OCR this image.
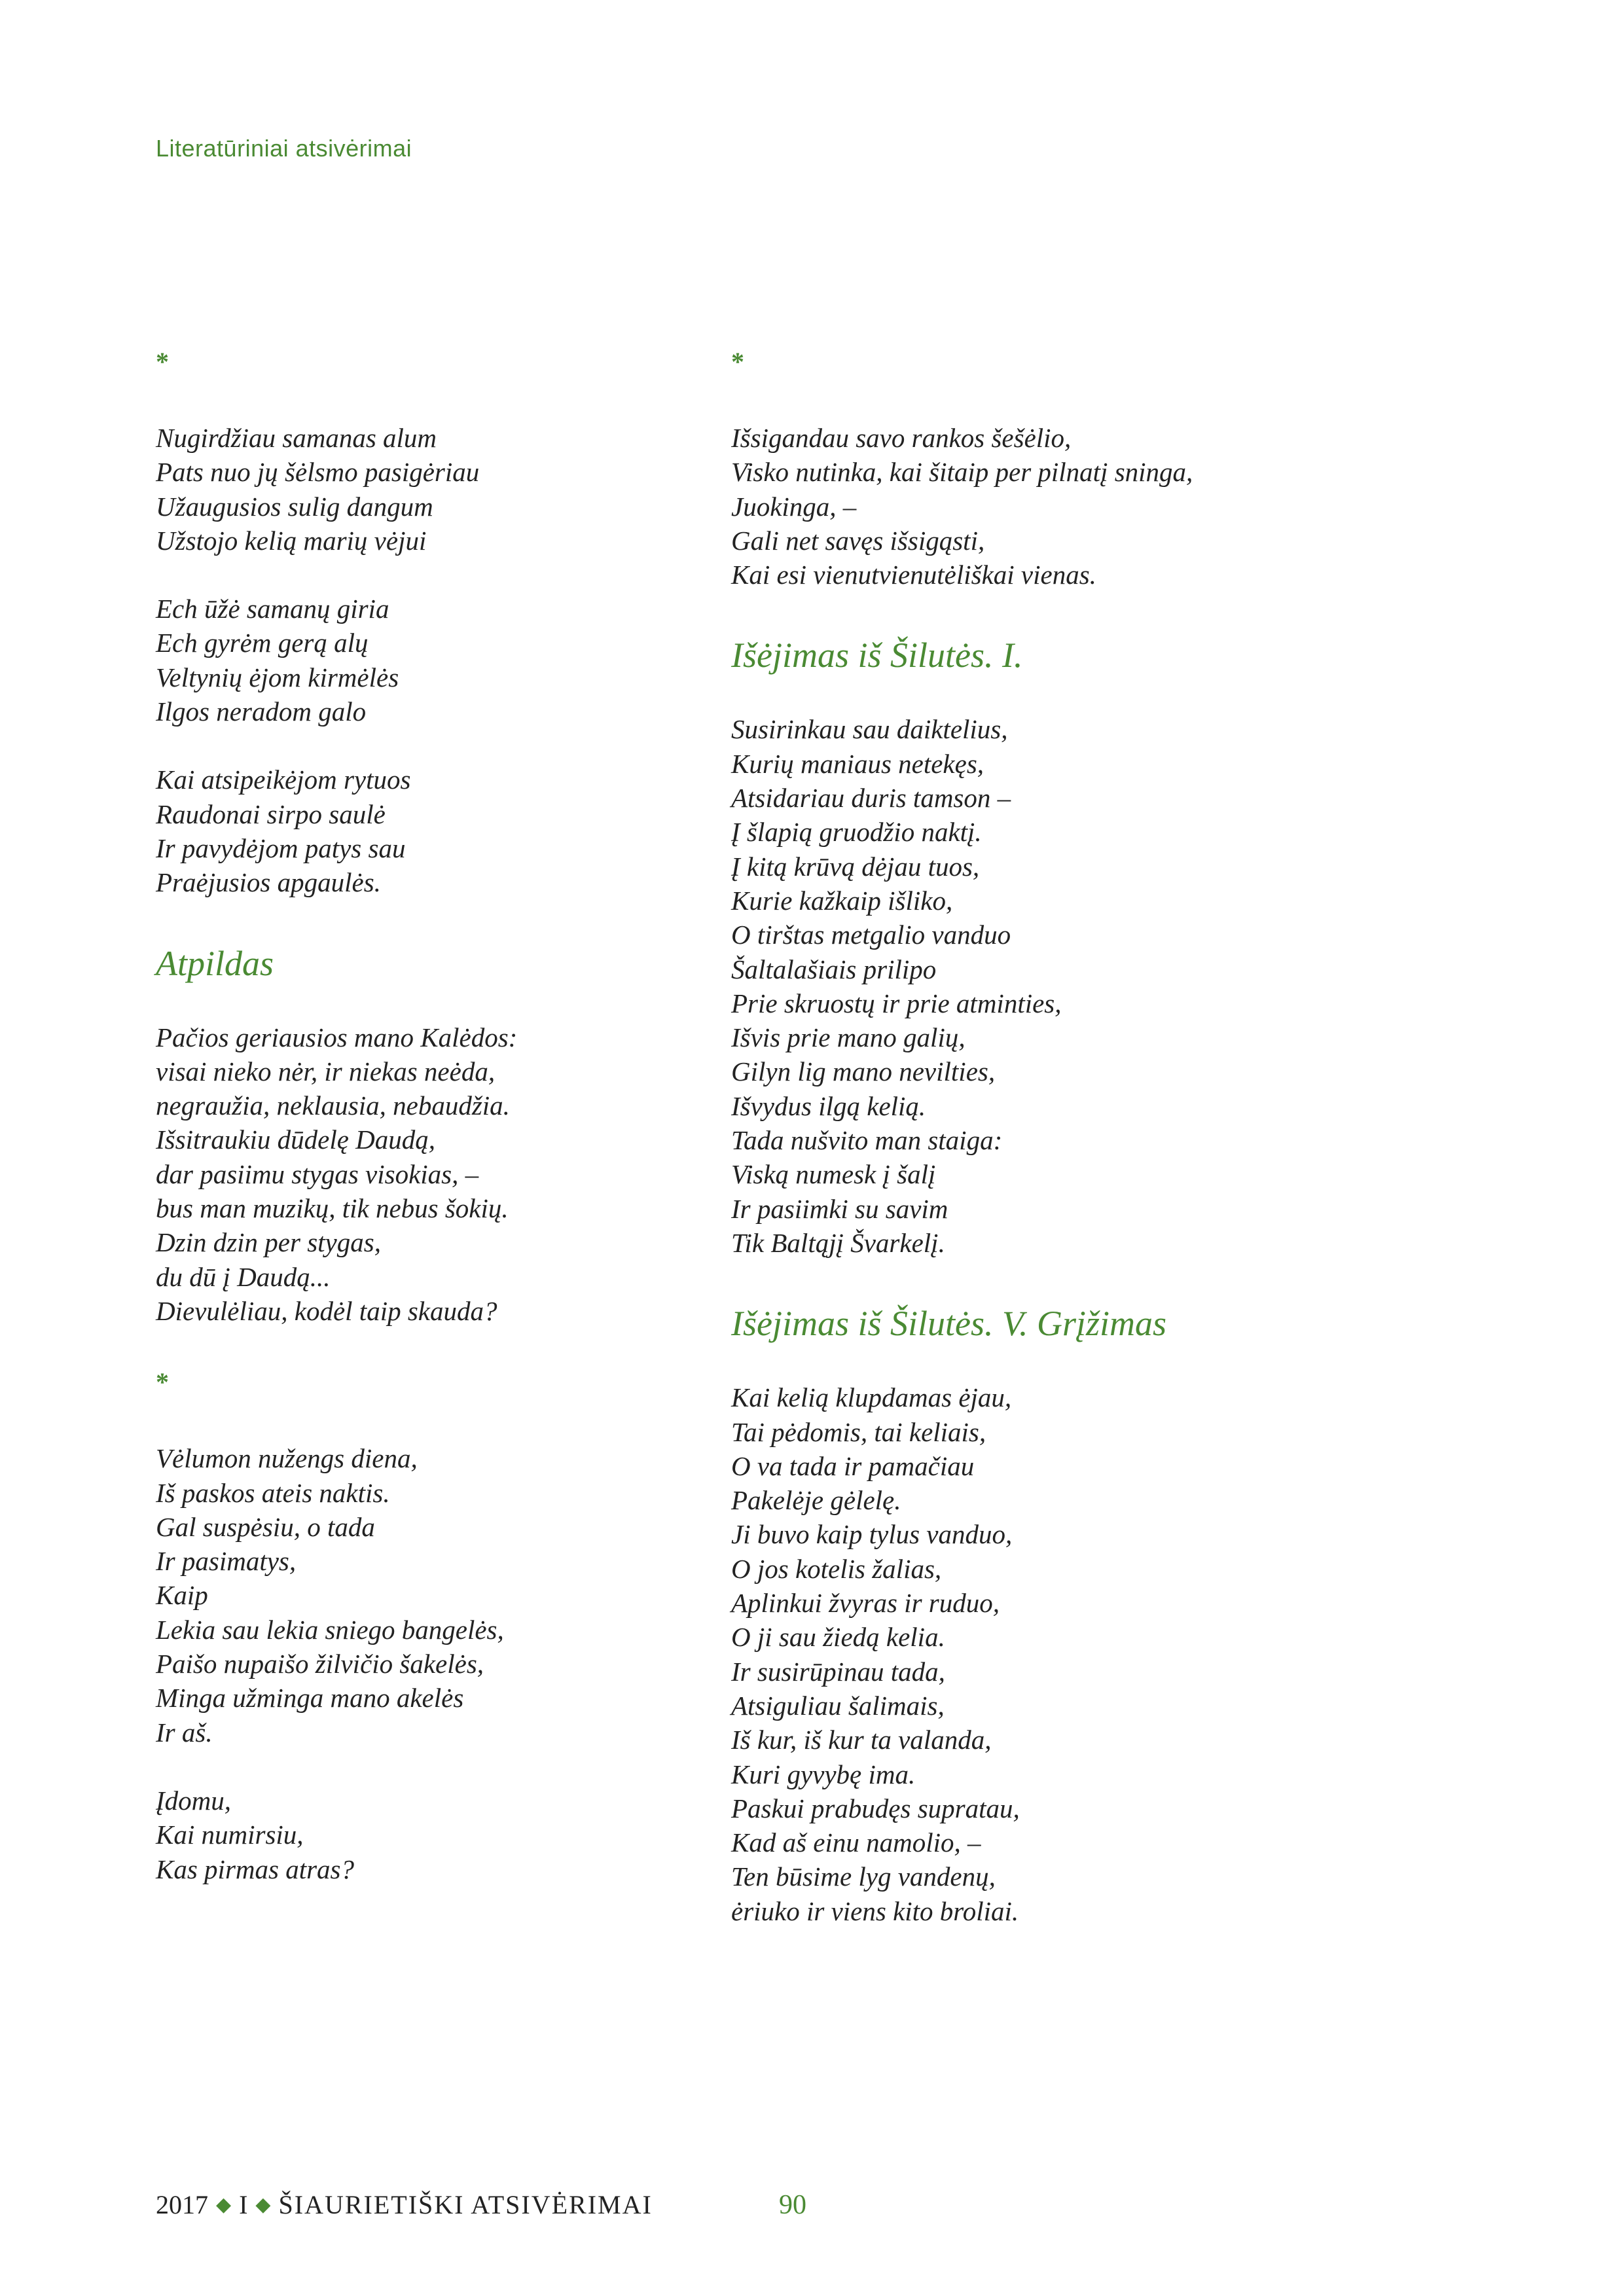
Literatūriniai atsivėrimai
*
Nugirdžiau samanas alum
Pats nuo jų šėlsmo pasigėriau
Užaugusios sulig dangum
Užstojo kelią marių vėjui
Ech ūžė samanų giria
Ech gyrėm gerą alų
Veltynių ėjom kirmėlės
Ilgos neradom galo
Kai atsipeikėjom rytuos
Raudonai sirpo saulė
Ir pavydėjom patys sau
Praėjusios apgaulės.
Atpildas
Pačios geriausios mano Kalėdos:
visai nieko nėr, ir niekas neėda,
negraužia, neklausia, nebaudžia.
Išsitraukiu dūdelę Daudą,
dar pasiimu stygas visokias, –
bus man muzikų, tik nebus šokių.
Dzin dzin per stygas,
du dū į Daudą...
Dievulėliau, kodėl taip skauda?
*
Vėlumon nužengs diena,
Iš paskos ateis naktis.
Gal suspėsiu, o tada
Ir pasimatys,
Kaip
Lekia sau lekia sniego bangelės,
Paišo nupaišo žilvičio šakelės,
Minga užminga mano akelės
Ir aš.
Įdomu,
Kai numirsiu,
Kas pirmas atras?
*
Išsigandau savo rankos šešėlio,
Visko nutinka, kai šitaip per pilnatį sninga,
Juokinga, –
Gali net savęs išsigąsti,
Kai esi vienutvienutėliškai vienas.
Išėjimas iš Šilutės. I.
Susirinkau sau daiktelius,
Kurių maniaus netekęs,
Atsidariau duris tamson –
Į šlapią gruodžio naktį.
Į kitą krūvą dėjau tuos,
Kurie kažkaip išliko,
O tirštas metgalio vanduo
Šaltalašiais prilipo
Prie skruostų ir prie atminties,
Išvis prie mano galių,
Gilyn lig mano nevilties,
Išvydus ilgą kelią.
Tada nušvito man staiga:
Viską numesk į šalį
Ir pasiimki su savim
Tik Baltąjį Švarkelį.
Išėjimas iš Šilutės. V. Grįžimas
Kai kelią klupdamas ėjau,
Tai pėdomis, tai keliais,
O va tada ir pamačiau
Pakelėje gėlelę.
Ji buvo kaip tylus vanduo,
O jos kotelis žalias,
Aplinkui žvyras ir ruduo,
O ji sau žiedą kelia.
Ir susirūpinau tada,
Atsiguliau šalimais,
Iš kur, iš kur ta valanda,
Kuri gyvybę ima.
Paskui prabudęs supratau,
Kad aš einu namolio, –
Ten būsime lyg vandenų,
ėriuko ir viens kito broliai.
2017 ◆ I ◆ ŠIAURIETIŠKI ATSIVĖRIMAI	90
